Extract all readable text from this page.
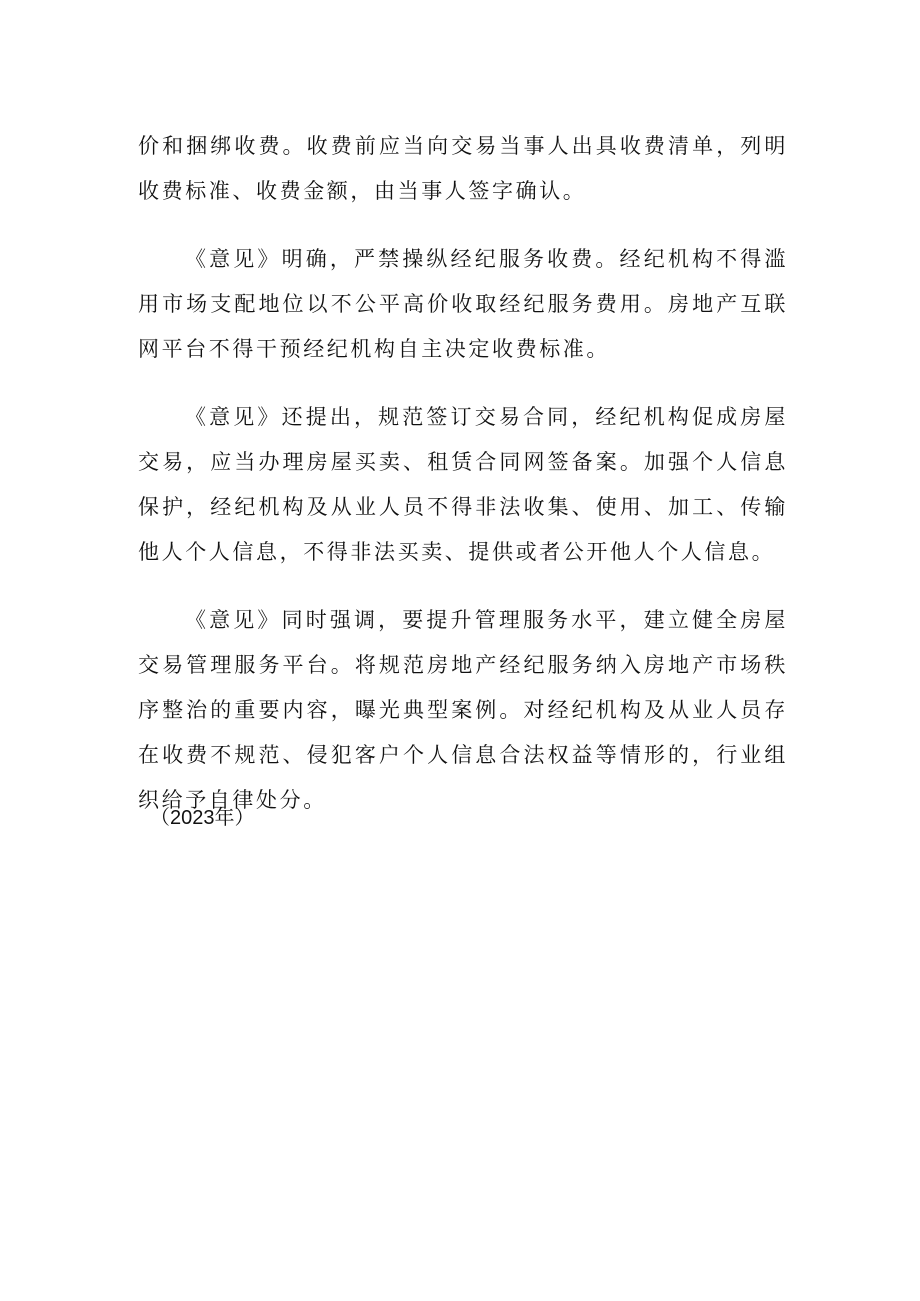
价和捆绑收费。收费前应当向交易当事人出具收费清单，列明收费标准、收费金额，由当事人签字确认。

《意见》明确，严禁操纵经纪服务收费。经纪机构不得滥用市场支配地位以不公平高价收取经纪服务费用。房地产互联网平台不得干预经纪机构自主决定收费标准。

《意见》还提出，规范签订交易合同，经纪机构促成房屋交易，应当办理房屋买卖、租赁合同网签备案。加强个人信息保护，经纪机构及从业人员不得非法收集、使用、加工、传输他人个人信息，不得非法买卖、提供或者公开他人个人信息。

《意见》同时强调，要提升管理服务水平，建立健全房屋交易管理服务平台。将规范房地产经纪服务纳入房地产市场秩序整治的重要内容，曝光典型案例。对经纪机构及从业人员存在收费不规范、侵犯客户个人信息合法权益等情形的，行业组织给予自律处分。

（2023年）
